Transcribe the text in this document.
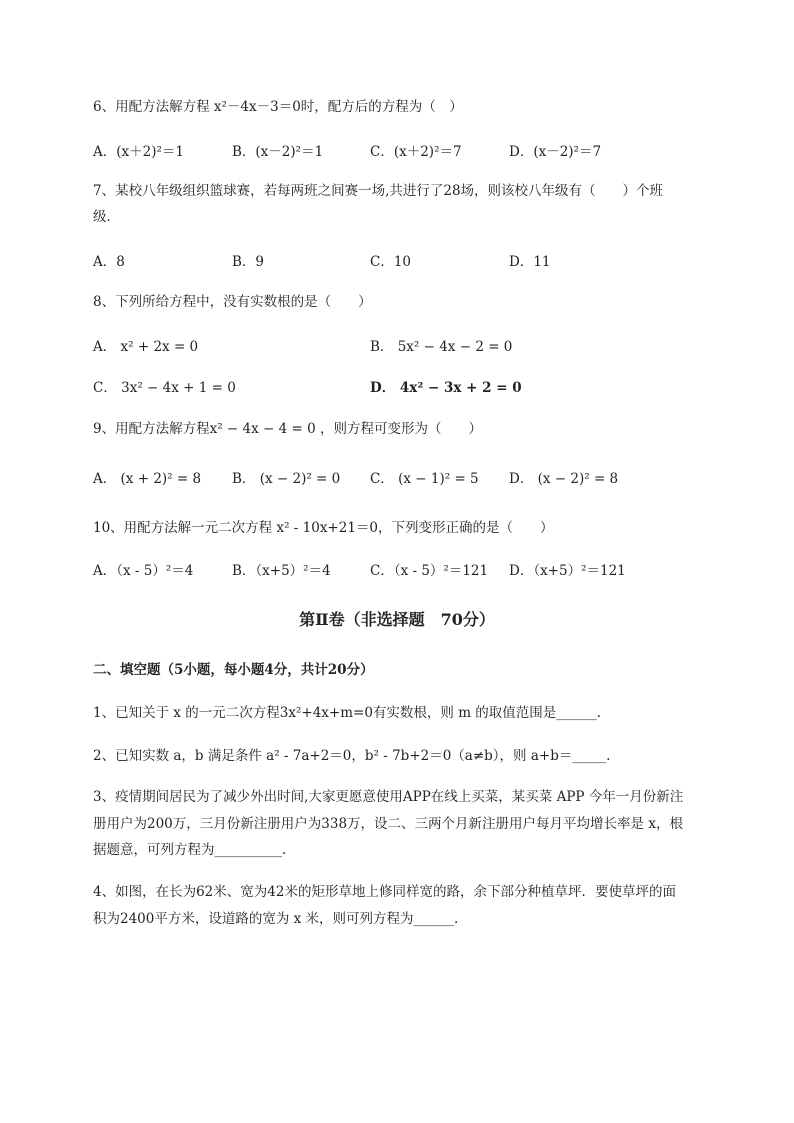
6、用配方法解方程 x²－4x－3＝0时，配方后的方程为（　）
A．(x＋2)²＝1	B．(x－2)²＝1	C．(x＋2)²＝7	D．(x－2)²＝7
7、某校八年级组织篮球赛，若每两班之间赛一场,共进行了28场，则该校八年级有（　　）个班
级．
A．8	B．9	C．10	D．11
8、下列所给方程中，没有实数根的是（　　）
A． x² + 2x = 0	B． 5x² − 4x − 2 = 0
C． 3x² − 4x + 1 = 0	D． 4x² − 3x + 2 = 0
9、用配方法解方程x² − 4x − 4 = 0 ，则方程可变形为（　　）
A． (x + 2)² = 8 B． (x − 2)² = 0 C． (x − 1)² = 5 D． (x − 2)² = 8
10、用配方法解一元二次方程 x² - 10x+21＝0，下列变形正确的是（　　）
A．（x - 5）²＝4	B．（x+5）²＝4	C．（x - 5）²＝121 D．（x+5）²＝121
第Ⅱ卷（非选择题　70分）
二、填空题（5小题，每小题4分，共计20分）
1、已知关于 x 的一元二次方程3x²+4x+m=0有实数根，则 m 的取值范围是______.
2、已知实数 a，b 满足条件 a² - 7a+2＝0，b² - 7b+2＝0（a≠b），则 a+b＝_____.
3、疫情期间居民为了减少外出时间,大家更愿意使用APP在线上买菜，某买菜 APP 今年一月份新注
册用户为200万，三月份新注册用户为338万，设二、三两个月新注册用户每月平均增长率是 x，根
据题意，可列方程为__________.
4、如图，在长为62米、宽为42米的矩形草地上修同样宽的路，余下部分种植草坪．要使草坪的面
积为2400平方米，设道路的宽为 x 米，则可列方程为______.
